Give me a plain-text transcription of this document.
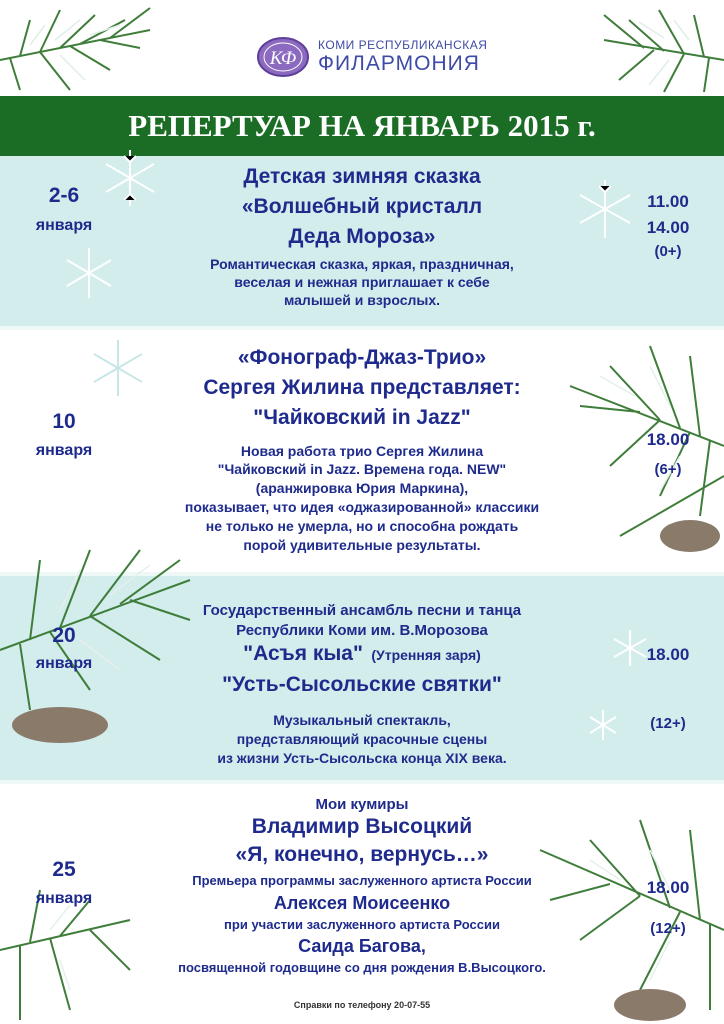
КФ
КОМИ РЕСПУБЛИКАНСКАЯ
ФИЛАРМОНИЯ
РЕПЕРТУАР НА ЯНВАРЬ 2015 г.
2-6
января
Детская зимняя сказка
«Волшебный кристалл
Деда Мороза»
Романтическая сказка, яркая, праздничная,
веселая и нежная приглашает к себе
малышей и взрослых.
11.00
14.00
(0+)
10
января
«Фонограф-Джаз-Трио»
Сергея Жилина представляет:
"Чайковский in Jazz"
Новая работа трио Сергея Жилина
"Чайковский in Jazz. Времена года. NEW"
(аранжировка Юрия Маркина),
показывает, что идея «оджазированной» классики
не только не умерла, но и способна рождать
порой удивительные результаты.
18.00
(6+)
20
января
Государственный ансамбль песни и танца
Республики Коми им. В.Морозова
"Асъя кыа" (Утренняя заря)
"Усть-Сысольские святки"
Музыкальный спектакль,
представляющий красочные сцены
из жизни Усть-Сысольска конца XIX века.
18.00
(12+)
25
января
Мои кумиры
Владимир Высоцкий
«Я, конечно, вернусь…»
Премьера программы заслуженного артиста России
Алексея Моисеенко
при участии заслуженного артиста России
Саида Багова,
посвященной годовщине со дня рождения В.Высоцкого.
18.00
(12+)
Справки по телефону 20-07-55
